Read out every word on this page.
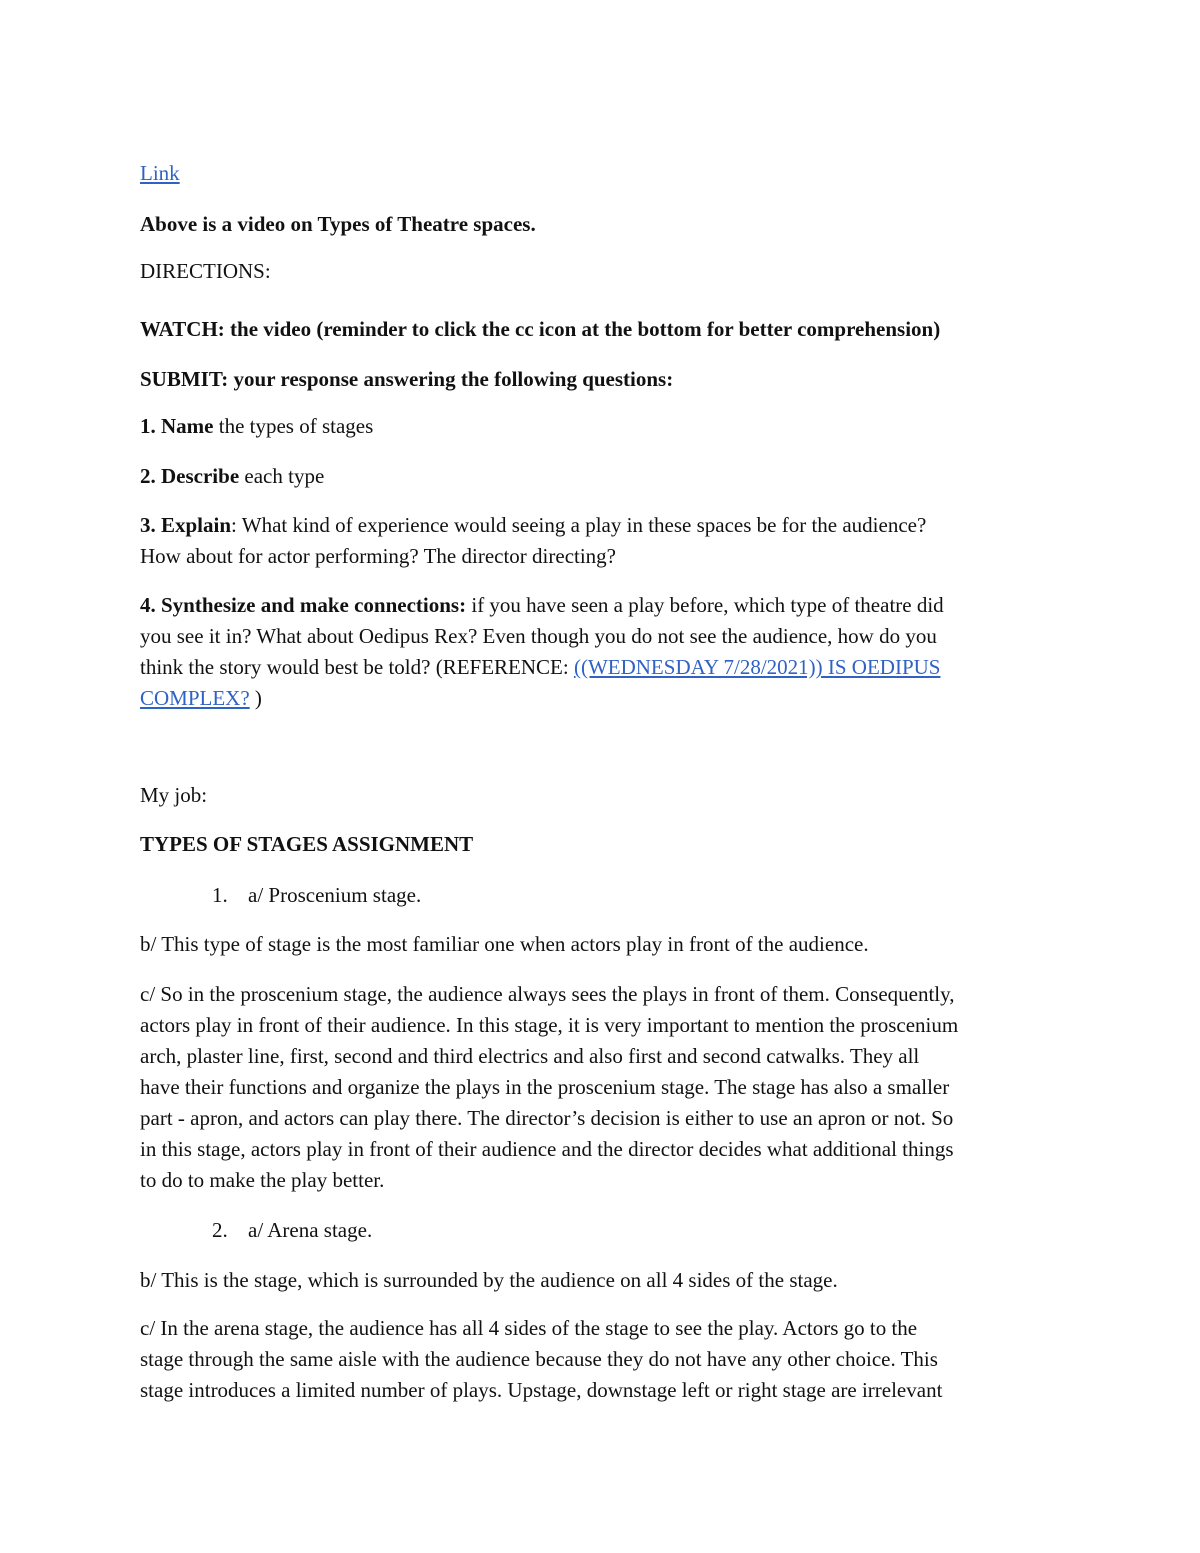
Link

Above is a video on Types of Theatre spaces.

DIRECTIONS:

WATCH: the video (reminder to click the cc icon at the bottom for better comprehension)

SUBMIT: your response answering the following questions:

1. Name the types of stages

2. Describe each type

3. Explain: What kind of experience would seeing a play in these spaces be for the audience?
How about for actor performing? The director directing?

4. Synthesize and make connections: if you have seen a play before, which type of theatre did
you see it in? What about Oedipus Rex? Even though you do not see the audience, how do you
think the story would best be told? (REFERENCE: ((WEDNESDAY 7/28/2021)) IS OEDIPUS
COMPLEX? )

My job:

TYPES OF STAGES ASSIGNMENT

1. a/ Proscenium stage.

b/ This type of stage is the most familiar one when actors play in front of the audience.

c/ So in the proscenium stage, the audience always sees the plays in front of them. Consequently,
actors play in front of their audience. In this stage, it is very important to mention the proscenium
arch, plaster line, first, second and third electrics and also first and second catwalks. They all
have their functions and organize the plays in the proscenium stage. The stage has also a smaller
part - apron, and actors can play there. The director’s decision is either to use an apron or not. So
in this stage, actors play in front of their audience and the director decides what additional things
to do to make the play better.

2. a/ Arena stage.

b/ This is the stage, which is surrounded by the audience on all 4 sides of the stage.

c/ In the arena stage, the audience has all 4 sides of the stage to see the play. Actors go to the
stage through the same aisle with the audience because they do not have any other choice. This
stage introduces a limited number of plays. Upstage, downstage left or right stage are irrelevant
